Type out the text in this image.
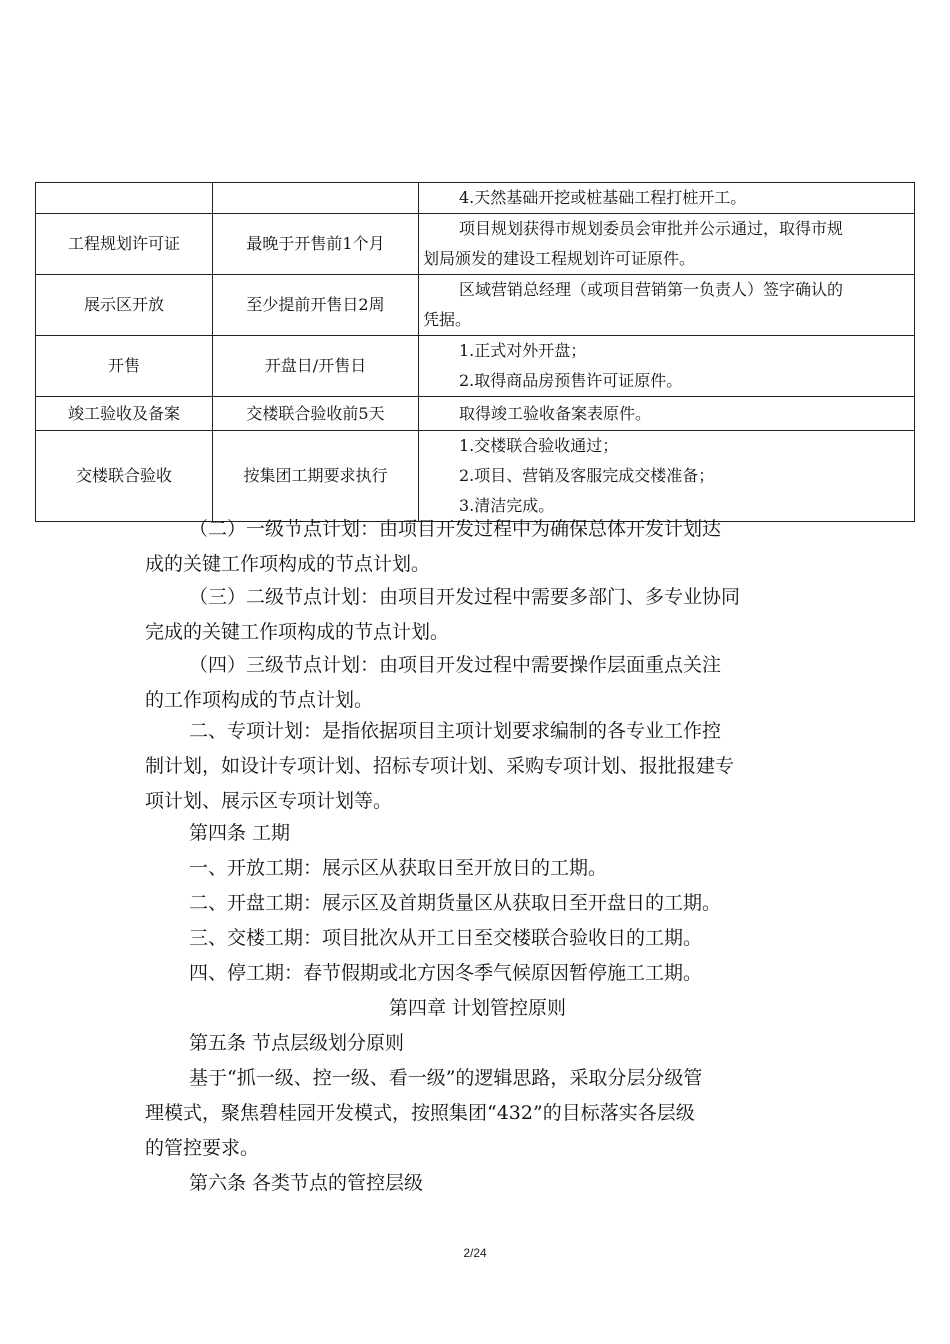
		4.天然基础开挖或桩基础工程打桩开工。

工程规划许可证	最晚于开售前1个月	项目规划获得市规划委员会审批并公示通过，取得市规
划局颁发的建设工程规划许可证原件。

展示区开放	至少提前开售日2周	区域营销总经理（或项目营销第一负责人）签字确认的
凭据。

开售	开盘日/开售日	1.正式对外开盘；
2.取得商品房预售许可证原件。

竣工验收及备案	交楼联合验收前5天	取得竣工验收备案表原件。

交楼联合验收	按集团工期要求执行	1.交楼联合验收通过；
2.项目、营销及客服完成交楼准备；
3.清洁完成。
（二）一级节点计划：由项目开发过程中为确保总体开发计划达
成的关键工作项构成的节点计划。
（三）二级节点计划：由项目开发过程中需要多部门、多专业协同
完成的关键工作项构成的节点计划。
（四）三级节点计划：由项目开发过程中需要操作层面重点关注
的工作项构成的节点计划。
二、专项计划：是指依据项目主项计划要求编制的各专业工作控
制计划，如设计专项计划、招标专项计划、采购专项计划、报批报建专
项计划、展示区专项计划等。
第四条 工期
一、开放工期：展示区从获取日至开放日的工期。
二、开盘工期：展示区及首期货量区从获取日至开盘日的工期。
三、交楼工期：项目批次从开工日至交楼联合验收日的工期。
四、停工期：春节假期或北方因冬季气候原因暂停施工工期。
第四章 计划管控原则
第五条 节点层级划分原则
基于“抓一级、控一级、看一级”的逻辑思路，采取分层分级管
理模式，聚焦碧桂园开发模式，按照集团“432”的目标落实各层级
的管控要求。
第六条 各类节点的管控层级
2/24
